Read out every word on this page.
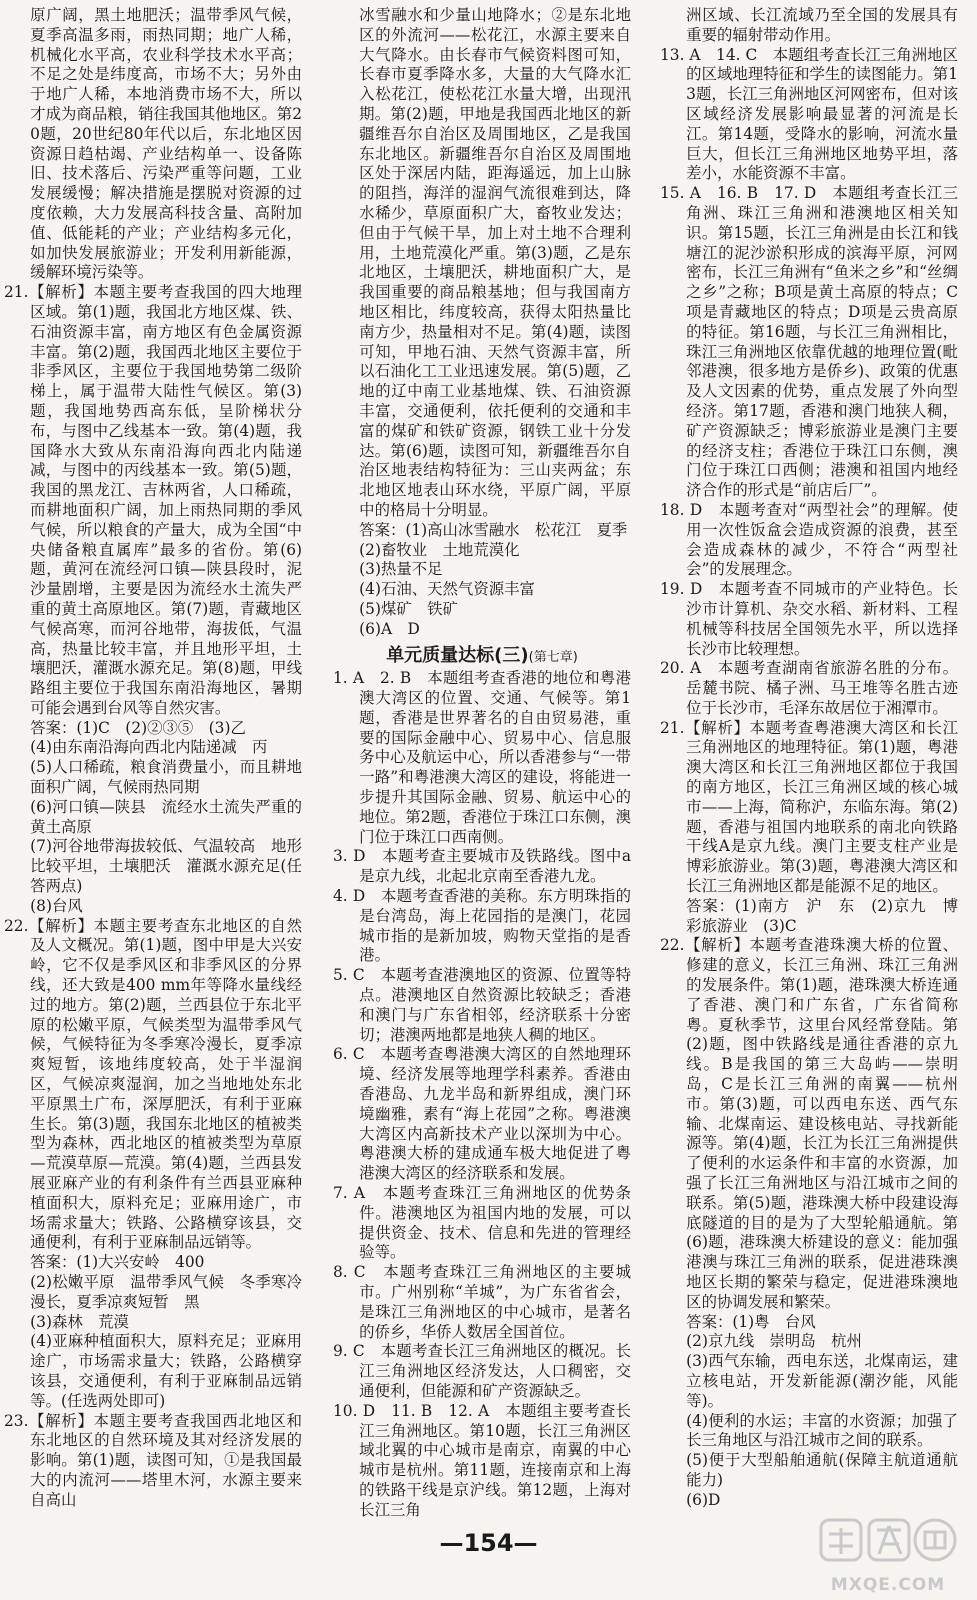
原广阔，黑土地肥沃；温带季风气候，夏季高温多雨，雨热同期；地广人稀，机械化水平高，农业科学技术水平高；不足之处是纬度高，市场不大；另外由于地广人稀，本地消费市场不大，所以才成为商品粮，销往我国其他地区。第20题，20世纪80年代以后，东北地区因资源日趋枯竭、产业结构单一、设备陈旧、技术落后、污染严重等问题，工业发展缓慢；解决措施是摆脱对资源的过度依赖，大力发展高科技含量、高附加值、低能耗的产业；产业结构多元化，如加快发展旅游业；开发利用新能源，缓解环境污染等。

21.【解析】本题主要考查我国的四大地理区域。第(1)题，我国北方地区煤、铁、石油资源丰富，南方地区有色金属资源丰富。第(2)题，我国西北地区主要位于非季风区，主要位于我国地势第二级阶梯上，属于温带大陆性气候区。第(3)题，我国地势西高东低，呈阶梯状分布，与图中乙线基本一致。第(4)题，我国降水大致从东南沿海向西北内陆递减，与图中的丙线基本一致。第(5)题，我国的黑龙江、吉林两省，人口稀疏，而耕地面积广阔，加上雨热同期的季风气候，所以粮食的产量大，成为全国“中央储备粮直属库”最多的省份。第(6)题，黄河在流经河口镇—陕县段时，泥沙量剧增，主要是因为流经水土流失严重的黄土高原地区。第(7)题，青藏地区气候高寒，而河谷地带，海拔低，气温高，热量比较丰富，并且地形平坦，土壤肥沃，灌溉水源充足。第(8)题，甲线路组主要位于我国东南沿海地区，暑期可能会遇到台风等自然灾害。

答案：(1)C　(2)②③⑤　(3)乙

(4)由东南沿海向西北内陆递减　丙

(5)人口稀疏，粮食消费量小，而且耕地面积广阔，气候雨热同期

(6)河口镇—陕县　流经水土流失严重的黄土高原

(7)河谷地带海拔较低、气温较高　地形比较平坦，土壤肥沃　灌溉水源充足(任答两点)

(8)台风

22.【解析】本题主要考查东北地区的自然及人文概况。第(1)题，图中甲是大兴安岭，它不仅是季风区和非季风区的分界线，还大致是400 mm年等降水量线经过的地方。第(2)题，兰西县位于东北平原的松嫩平原，气候类型为温带季风气候，气候特征为冬季寒冷漫长，夏季凉爽短暂，该地纬度较高，处于半湿润区，气候凉爽湿润，加之当地地处东北平原黑土广布，深厚肥沃，有利于亚麻生长。第(3)题，我国东北地区的植被类型为森林，西北地区的植被类型为草原—荒漠草原—荒漠。第(4)题，兰西县发展亚麻产业的有利条件有兰西县亚麻种植面积大，原料充足；亚麻用途广，市场需求量大；铁路、公路横穿该县，交通便利，有利于亚麻制品远销等。

答案：(1)大兴安岭　400

(2)松嫩平原　温带季风气候　冬季寒冷漫长，夏季凉爽短暂　黑

(3)森林　荒漠

(4)亚麻种植面积大，原料充足；亚麻用途广，市场需求量大；铁路，公路横穿该县，交通便利，有利于亚麻制品远销等。(任选两处即可)

23.【解析】本题主要考查我国西北地区和东北地区的自然环境及其对经济发展的影响。第(1)题，读图可知，①是我国最大的内流河——塔里木河，水源主要来自高山

冰雪融水和少量山地降水；②是东北地区的外流河——松花江，水源主要来自大气降水。由长春市气候资料图可知，长春市夏季降水多，大量的大气降水汇入松花江，使松花江水量大增，出现汛期。第(2)题，甲地是我国西北地区的新疆维吾尔自治区及周围地区，乙是我国东北地区。新疆维吾尔自治区及周围地区处于深居内陆，距海遥远，加上山脉的阻挡，海洋的湿润气流很难到达，降水稀少，草原面积广大，畜牧业发达；但由于气候干旱，加上对土地不合理利用，土地荒漠化严重。第(3)题，乙是东北地区，土壤肥沃，耕地面积广大，是我国重要的商品粮基地；但与我国南方地区相比，纬度较高，获得太阳热量比南方少，热量相对不足。第(4)题，读图可知，甲地石油、天然气资源丰富，所以石油化工工业迅速发展。第(5)题，乙地的辽中南工业基地煤、铁、石油资源丰富，交通便利，依托便利的交通和丰富的煤矿和铁矿资源，钢铁工业十分发达。第(6)题，读图可知，新疆维吾尔自治区地表结构特征为：三山夹两盆；东北地区地表山环水绕，平原广阔，平原中的格局十分明显。

答案：(1)高山冰雪融水　松花江　夏季

(2)畜牧业　土地荒漠化

(3)热量不足

(4)石油、天然气资源丰富

(5)煤矿　铁矿

(6)A　D

单元质量达标(三)(第七章)

1. A　2. B　本题组考查香港的地位和粤港澳大湾区的位置、交通、气候等。第1题，香港是世界著名的自由贸易港，重要的国际金融中心、贸易中心、信息服务中心及航运中心，所以香港参与“一带一路”和粤港澳大湾区的建设，将能进一步提升其国际金融、贸易、航运中心的地位。第2题，香港位于珠江口东侧，澳门位于珠江口西南侧。

3. D　本题考查主要城市及铁路线。图中a是京九线，北起北京南至香港九龙。

4. D　本题考查香港的美称。东方明珠指的是台湾岛，海上花园指的是澳门，花园城市指的是新加坡，购物天堂指的是香港。

5. C　本题考查港澳地区的资源、位置等特点。港澳地区自然资源比较缺乏；香港和澳门与广东省相邻，经济联系十分密切；港澳两地都是地狭人稠的地区。

6. C　本题考查粤港澳大湾区的自然地理环境、经济发展等地理学科素养。香港由香港岛、九龙半岛和新界组成，澳门环境幽雅，素有“海上花园”之称。粤港澳大湾区内高新技术产业以深圳为中心。粤港澳大桥的建成通车极大地促进了粤港澳大湾区的经济联系和发展。

7. A　本题考查珠江三角洲地区的优势条件。港澳地区为祖国内地的发展，可以提供资金、技术、信息和先进的管理经验等。

8. C　本题考查珠江三角洲地区的主要城市。广州别称“羊城”，为广东省省会，是珠江三角洲地区的中心城市，是著名的侨乡，华侨人数居全国首位。

9. C　本题考查长江三角洲地区的概况。长江三角洲地区经济发达，人口稠密，交通便利，但能源和矿产资源缺乏。

10. D　11. B　12. A　本题组主要考查长江三角洲地区。第10题，长江三角洲区域北翼的中心城市是南京，南翼的中心城市是杭州。第11题，连接南京和上海的铁路干线是京沪线。第12题，上海对长江三角

洲区域、长江流域乃至全国的发展具有重要的辐射带动作用。

13. A　14. C　本题组考查长江三角洲地区的区域地理特征和学生的读图能力。第13题，长江三角洲地区河网密布，但对该区域经济发展影响最显著的河流是长江。第14题，受降水的影响，河流水量巨大，但长江三角洲地区地势平坦，落差小，水能资源不丰富。

15. A　16. B　17. D　本题组考查长江三角洲、珠江三角洲和港澳地区相关知识。第15题，长江三角洲是由长江和钱塘江的泥沙淤积形成的滨海平原，河网密布，长江三角洲有“鱼米之乡”和“丝绸之乡”之称；B项是黄土高原的特点；C项是青藏地区的特点；D项是云贵高原的特征。第16题，与长江三角洲相比，珠江三角洲地区依靠优越的地理位置(毗邻港澳，很多地方是侨乡)、政策的优惠及人文因素的优势，重点发展了外向型经济。第17题，香港和澳门地狭人稠，矿产资源缺乏；博彩旅游业是澳门主要的经济支柱；香港位于珠江口东侧，澳门位于珠江口西侧；港澳和祖国内地经济合作的形式是“前店后厂”。

18. D　本题考查对“两型社会”的理解。使用一次性饭盒会造成资源的浪费，甚至会造成森林的减少，不符合“两型社会”的发展理念。

19. D　本题考查不同城市的产业特色。长沙市计算机、杂交水稻、新材料、工程机械等科技居全国领先水平，所以选择长沙市比较理想。

20. A　本题考查湖南省旅游名胜的分布。岳麓书院、橘子洲、马王堆等名胜古迹位于长沙市，毛泽东故居位于湘潭市。

21.【解析】本题考查粤港澳大湾区和长江三角洲地区的地理特征。第(1)题，粤港澳大湾区和长江三角洲地区都位于我国的南方地区，长江三角洲区域的核心城市——上海，简称沪，东临东海。第(2)题，香港与祖国内地联系的南北向铁路干线A是京九线。澳门主要支柱产业是博彩旅游业。第(3)题，粤港澳大湾区和长江三角洲地区都是能源不足的地区。

答案：(1)南方　沪　东　(2)京九　博彩旅游业　(3)C

22.【解析】本题考查港珠澳大桥的位置、修建的意义，长江三角洲、珠江三角洲的发展条件。第(1)题，港珠澳大桥连通了香港、澳门和广东省，广东省简称粤。夏秋季节，这里台风经常登陆。第(2)题，图中铁路线是通往香港的京九线。B是我国的第三大岛屿——崇明岛，C是长江三角洲的南翼——杭州市。第(3)题，可以西电东送、西气东输、北煤南运、建设核电站、寻找新能源等。第(4)题，长江为长江三角洲提供了便利的水运条件和丰富的水资源，加强了长江三角洲地区与沿江城市之间的联系。第(5)题，港珠澳大桥中段建设海底隧道的目的是为了大型轮船通航。第(6)题，港珠澳大桥建设的意义：能加强港澳与珠江三角洲的联系，促进港珠澳地区长期的繁荣与稳定，促进港珠澳地区的协调发展和繁荣。

答案：(1)粤　台风

(2)京九线　崇明岛　杭州

(3)西气东输，西电东送，北煤南运，建立核电站，开发新能源(潮汐能，风能等)。

(4)便利的水运；丰富的水资源；加强了长三角地区与沿江城市之间的联系。

(5)便于大型船舶通航(保障主航道通航能力)

(6)D

—154—
MXQE.COM
